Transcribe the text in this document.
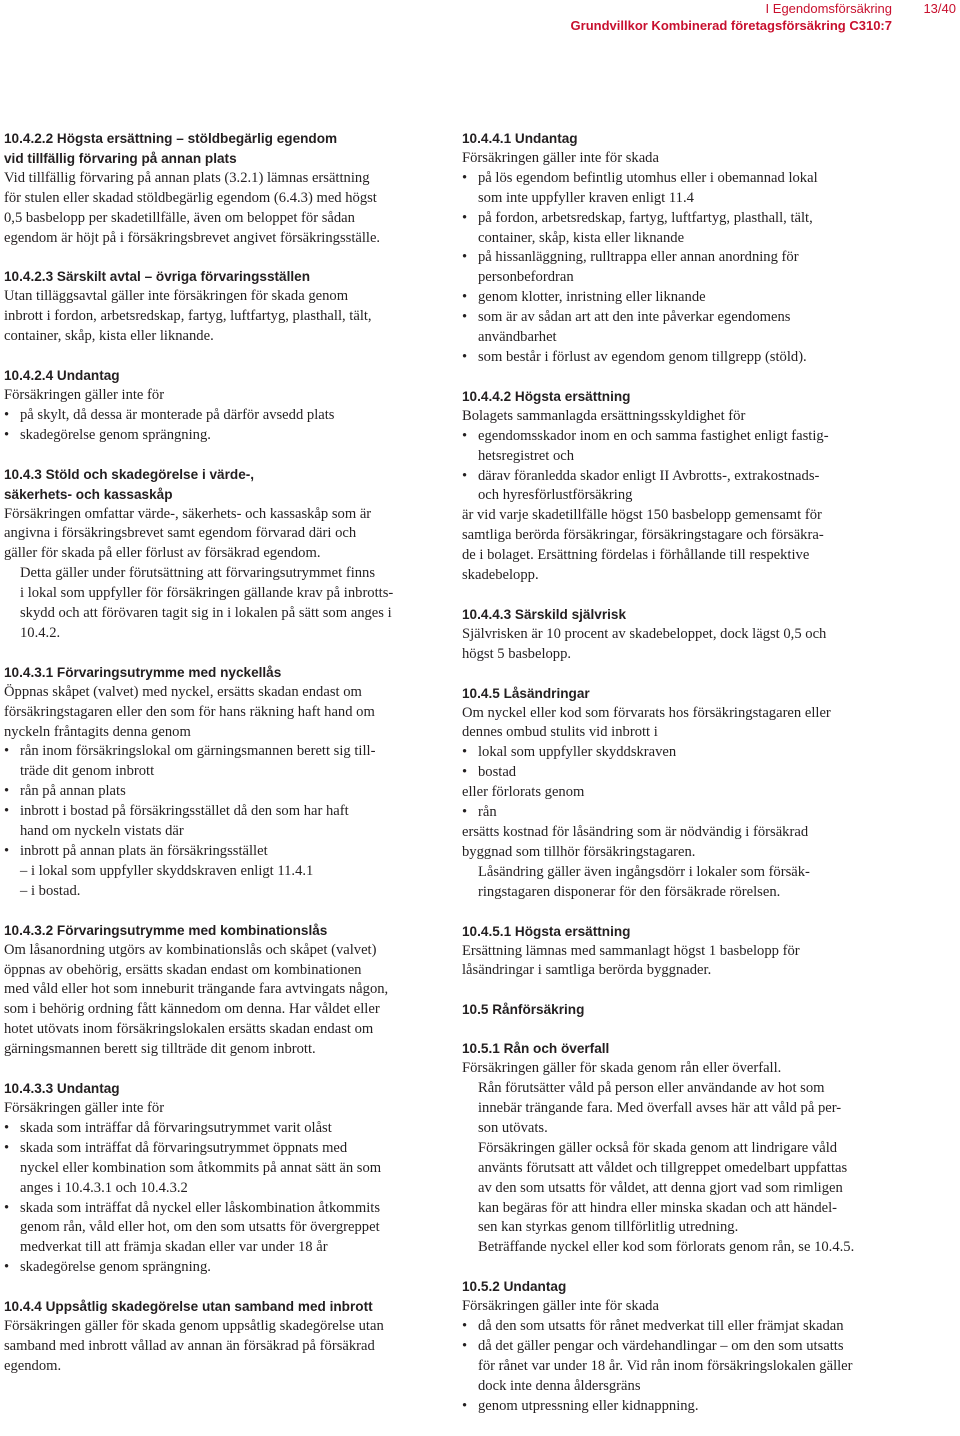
I Egendomsförsäkring
Grundvillkor Kombinerad företagsförsäkring C310:7
13/40

10.4.2.2 Högsta ersättning – stöldbegärlig egendom

vid tillfällig förvaring på annan plats

Vid tillfällig förvaring på annan plats (3.2.1) lämnas ersättning
för stulen eller skadad stöldbegärlig egendom (6.4.3) med högst
0,5 basbelopp per skadetillfälle, även om beloppet för sådan
egendom är höjt på i försäkringsbrevet angivet försäkringsställe.

10.4.2.3 Särskilt avtal – övriga förvaringsställen

Utan tilläggsavtal gäller inte försäkringen för skada genom
inbrott i fordon, arbetsredskap, fartyg, luftfartyg, plasthall, tält,
container, skåp, kista eller liknande.

10.4.2.4 Undantag

Försäkringen gäller inte för

• på skylt, då dessa är monterade på därför avsedd plats
• skadegörelse genom sprängning.

10.4.3 Stöld och skadegörelse i värde-,

säkerhets- och kassaskåp

Försäkringen omfattar värde-, säkerhets- och kassaskåp som är
angivna i försäkringsbrevet samt egendom förvarad däri och
gäller för skada på eller förlust av försäkrad egendom.
Detta gäller under förutsättning att förvaringsutrymmet finns
i lokal som uppfyller för försäkringen gällande krav på inbrotts-
skydd och att förövaren tagit sig in i lokalen på sätt som anges i
10.4.2.

10.4.3.1 Förvaringsutrymme med nyckellås

Öppnas skåpet (valvet) med nyckel, ersätts skadan endast om
försäkringstagaren eller den som för hans räkning haft hand om
nyckeln fråntagits denna genom
• rån inom försäkringslokal om gärningsmannen berett sig till-
träde dit genom inbrott
• rån på annan plats
• inbrott i bostad på försäkringsstället då den som har haft
hand om nyckeln vistats där
• inbrott på annan plats än försäkringsstället
– i lokal som uppfyller skyddskraven enligt 11.4.1
– i bostad.

10.4.3.2 Förvaringsutrymme med kombinationslås

Om låsanordning utgörs av kombinationslås och skåpet (valvet)
öppnas av obehörig, ersätts skadan endast om kombinationen
med våld eller hot som inneburit trängande fara avtvingats någon,
som i behörig ordning fått kännedom om denna. Har våldet eller
hotet utövats inom försäkringslokalen ersätts skadan endast om
gärningsmannen berett sig tillträde dit genom inbrott.

10.4.3.3 Undantag

Försäkringen gäller inte för

• skada som inträffar då förvaringsutrymmet varit olåst
• skada som inträffat då förvaringsutrymmet öppnats med
nyckel eller kombination som åtkommits på annat sätt än som
anges i 10.4.3.1 och 10.4.3.2
• skada som inträffat då nyckel eller låskombination åtkommits
genom rån, våld eller hot, om den som utsatts för övergreppet
medverkat till att främja skadan eller var under 18 år
• skadegörelse genom sprängning.

10.4.4 Uppsåtlig skadegörelse utan samband med inbrott

Försäkringen gäller för skada genom uppsåtlig skadegörelse utan
samband med inbrott vållad av annan än försäkrad på försäkrad
egendom.

10.4.4.1 Undantag

Försäkringen gäller inte för skada

• på lös egendom befintlig utomhus eller i obemannad lokal
som inte uppfyller kraven enligt 11.4
• på fordon, arbetsredskap, fartyg, luftfartyg, plasthall, tält,
container, skåp, kista eller liknande
• på hissanläggning, rulltrappa eller annan anordning för
personbefordran
• genom klotter, inristning eller liknande
• som är av sådan art att den inte påverkar egendomens
användbarhet
• som består i förlust av egendom genom tillgrepp (stöld).

10.4.4.2 Högsta ersättning

Bolagets sammanlagda ersättningsskyldighet för

• egendomsskador inom en och samma fastighet enligt fastig-
hetsregistret och
• därav föranledda skador enligt II Avbrotts-, extrakostnads-
och hyresförlustförsäkring
är vid varje skadetillfälle högst 150 basbelopp gemensamt för
samtliga berörda försäkringar, försäkringstagare och försäkra-
de i bolaget. Ersättning fördelas i förhållande till respektive
skadebelopp.

10.4.4.3 Särskild självrisk

Självrisken är 10 procent av skadebeloppet, dock lägst 0,5 och
högst 5 basbelopp.

10.4.5 Låsändringar

Om nyckel eller kod som förvarats hos försäkringstagaren eller
dennes ombud stulits vid inbrott i
• lokal som uppfyller skyddskraven
• bostad

eller förlorats genom

• rån
ersätts kostnad för låsändring som är nödvändig i försäkrad
byggnad som tillhör försäkringstagaren.
Låsändring gäller även ingångsdörr i lokaler som försäk-
ringstagaren disponerar för den försäkrade rörelsen.

10.4.5.1 Högsta ersättning

Ersättning lämnas med sammanlagt högst 1 basbelopp för
låsändringar i samtliga berörda byggnader.

10.5 Rånförsäkring

10.5.1 Rån och överfall

Försäkringen gäller för skada genom rån eller överfall.
Rån förutsätter våld på person eller användande av hot som
innebär trängande fara. Med överfall avses här att våld på per-
son utövats.
Försäkringen gäller också för skada genom att lindrigare våld
använts förutsatt att våldet och tillgreppet omedelbart uppfattas
av den som utsatts för våldet, att denna gjort vad som rimligen
kan begäras för att hindra eller minska skadan och att händel-
sen kan styrkas genom tillförlitlig utredning.
Beträffande nyckel eller kod som förlorats genom rån, se 10.4.5.

10.5.2 Undantag

Försäkringen gäller inte för skada

• då den som utsatts för rånet medverkat till eller främjat skadan
• då det gäller pengar och värdehandlingar – om den som utsatts
för rånet var under 18 år. Vid rån inom försäkringslokalen gäller
dock inte denna åldersgräns
• genom utpressning eller kidnappning.
